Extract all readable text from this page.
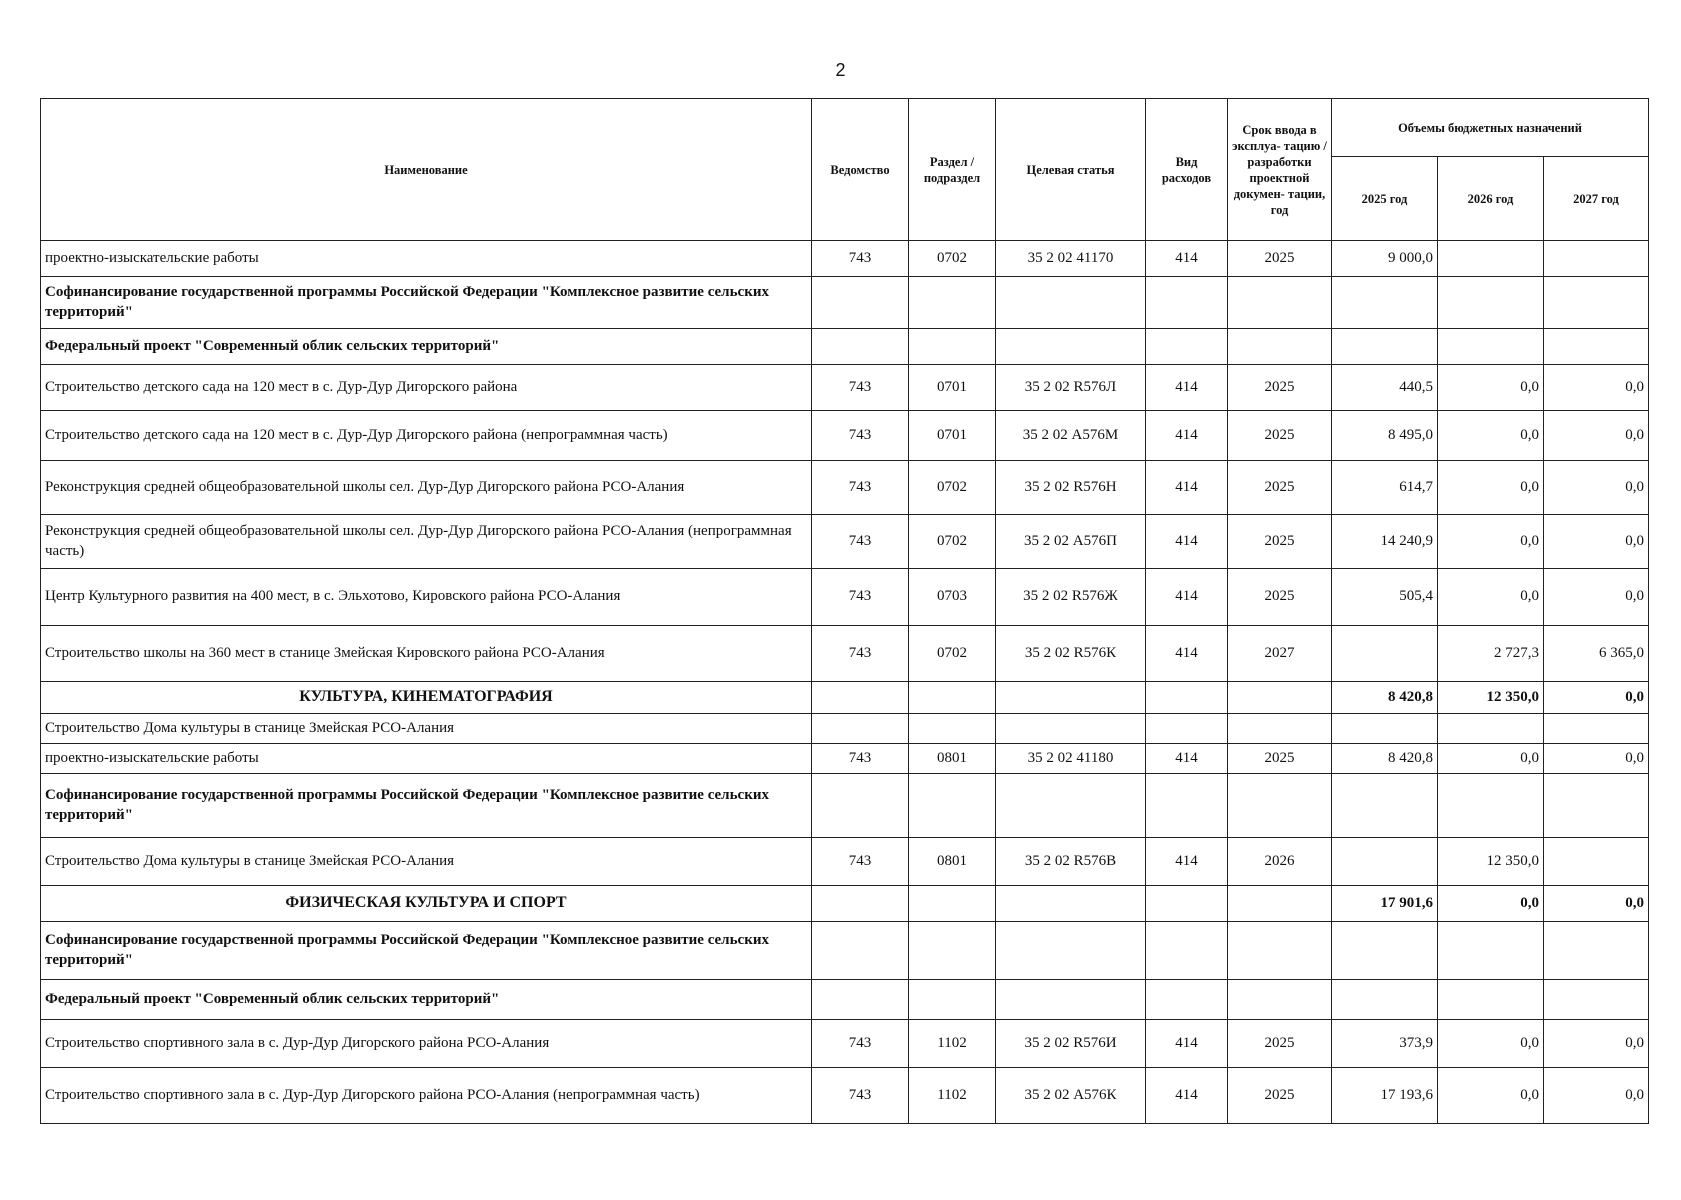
2
Наименование	Ведомство	Раздел / подраздел	Целевая статья	Вид расходов	Срок ввода в эксплуа- тацию / разработки проектной докумен- тации, год	Объемы бюджетных назначений		
						2025 год	2026 год	2027 год
проектно-изыскательские работы	743	0702	35 2 02 41170	414	2025	9 000,0		
Софинансирование государственной программы Российской Федерации "Комплексное развитие сельских территорий"								
Федеральный проект "Современный облик сельских территорий"								
Строительство детского сада на 120 мест в с. Дур-Дур Дигорского района	743	0701	35 2 02 R576Л	414	2025	440,5	0,0	0,0
Строительство детского сада на 120 мест в с. Дур-Дур Дигорского района (непрограммная часть)	743	0701	35 2 02 А576М	414	2025	8 495,0	0,0	0,0
Реконструкция средней общеобразовательной школы сел. Дур-Дур Дигорского района РСО-Алания	743	0702	35 2 02 R576Н	414	2025	614,7	0,0	0,0
Реконструкция средней общеобразовательной школы сел. Дур-Дур Дигорского района РСО-Алания (непрограммная часть)	743	0702	35 2 02 А576П	414	2025	14 240,9	0,0	0,0
Центр Культурного развития на 400 мест, в с. Эльхотово, Кировского района РСО-Алания	743	0703	35 2 02 R576Ж	414	2025	505,4	0,0	0,0
Строительство школы на 360 мест в станице Змейская Кировского района РСО-Алания	743	0702	35 2 02 R576К	414	2027		2 727,3	6 365,0
КУЛЬТУРА, КИНЕМАТОГРАФИЯ						8 420,8	12 350,0	0,0
Строительство Дома культуры в станице Змейская РСО-Алания								
проектно-изыскательские работы	743	0801	35 2 02 41180	414	2025	8 420,8	0,0	0,0
Софинансирование государственной программы Российской Федерации "Комплексное развитие сельских территорий"								
Строительство Дома культуры в станице Змейская РСО-Алания	743	0801	35 2 02 R576В	414	2026		12 350,0	
ФИЗИЧЕСКАЯ КУЛЬТУРА И СПОРТ						17 901,6	0,0	0,0
Софинансирование государственной программы Российской Федерации "Комплексное развитие сельских территорий"								
Федеральный проект "Современный облик сельских территорий"								
Строительство спортивного зала в с. Дур-Дур Дигорского района РСО-Алания	743	1102	35 2 02 R576И	414	2025	373,9	0,0	0,0
Строительство спортивного зала в с. Дур-Дур Дигорского района РСО-Алания (непрограммная часть)	743	1102	35 2 02 А576К	414	2025	17 193,6	0,0	0,0
